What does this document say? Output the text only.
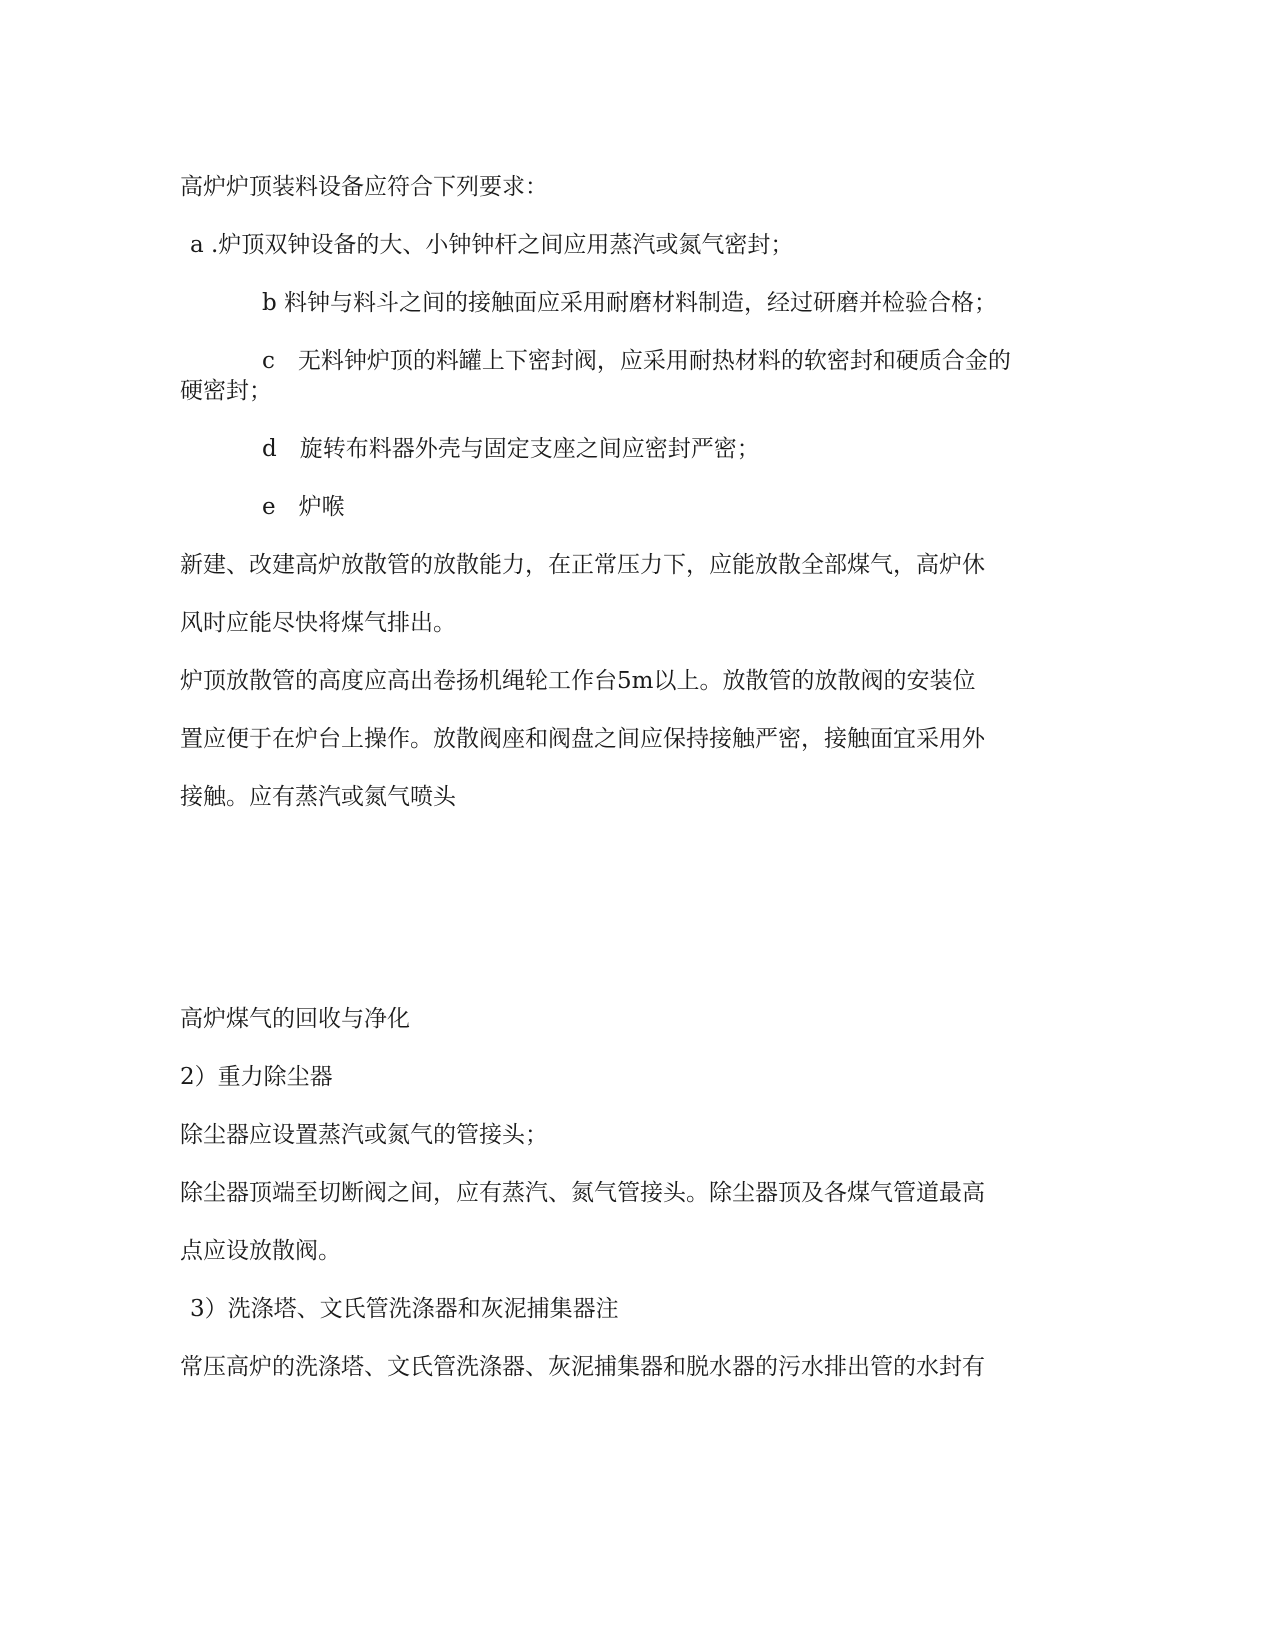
高炉炉顶装料设备应符合下列要求：

a .炉顶双钟设备的大、小钟钟杆之间应用蒸汽或氮气密封；

b 料钟与料斗之间的接触面应采用耐磨材料制造，经过研磨并检验合格；

c　无料钟炉顶的料罐上下密封阀，应采用耐热材料的软密封和硬质合金的

硬密封；

d　旋转布料器外壳与固定支座之间应密封严密；

e　炉喉

新建、改建高炉放散管的放散能力，在正常压力下，应能放散全部煤气，高炉休

风时应能尽快将煤气排出。

炉顶放散管的高度应高出卷扬机绳轮工作台5m以上。放散管的放散阀的安装位

置应便于在炉台上操作。放散阀座和阀盘之间应保持接触严密，接触面宜采用外

接触。应有蒸汽或氮气喷头

高炉煤气的回收与净化

2）重力除尘器

除尘器应设置蒸汽或氮气的管接头；

除尘器顶端至切断阀之间，应有蒸汽、氮气管接头。除尘器顶及各煤气管道最高

点应设放散阀。

3）洗涤塔、文氏管洗涤器和灰泥捕集器注

常压高炉的洗涤塔、文氏管洗涤器、灰泥捕集器和脱水器的污水排出管的水封有
